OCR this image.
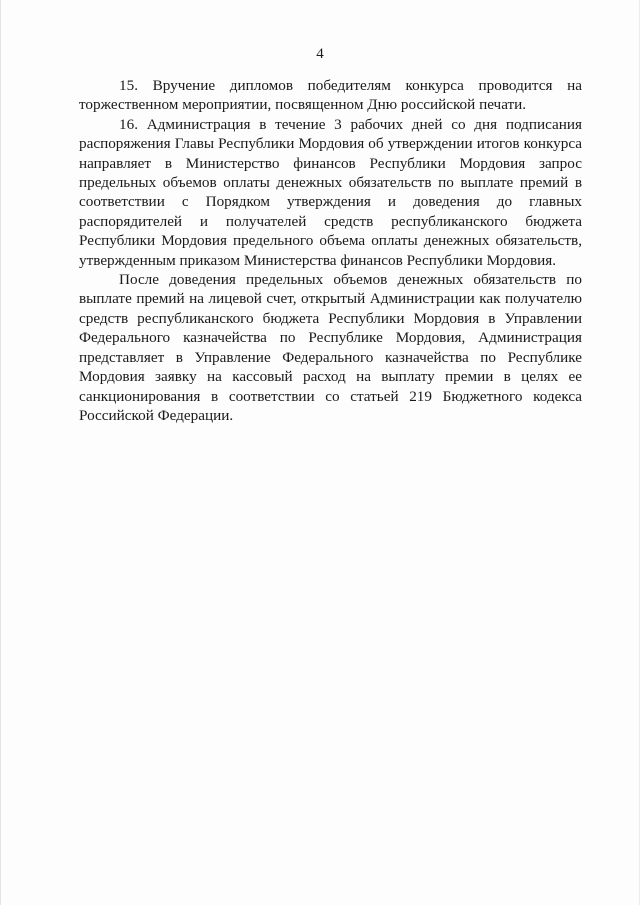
4

15. Вручение дипломов победителям конкурса проводится на торжественном мероприятии, посвященном Дню российской печати.

16. Администрация в течение 3 рабочих дней со дня подписания распоряжения Главы Республики Мордовия об утверждении итогов конкурса направляет в Министерство финансов Республики Мордовия запрос предельных объемов оплаты денежных обязательств по выплате премий в соответствии с Порядком утверждения и доведения до главных распорядителей и получателей средств республиканского бюджета Республики Мордовия предельного объема оплаты денежных обязательств, утвержденным приказом Министерства финансов Республики Мордовия.

После доведения предельных объемов денежных обязательств по выплате премий на лицевой счет, открытый Администрации как получателю средств республиканского бюджета Республики Мордовия в Управлении Федерального казначейства по Республике Мордовия, Администрация представляет в Управление Федерального казначейства по Республике Мордовия заявку на кассовый расход на выплату премии в целях ее санкционирования в соответствии со статьей 219 Бюджетного кодекса Российской Федерации.
